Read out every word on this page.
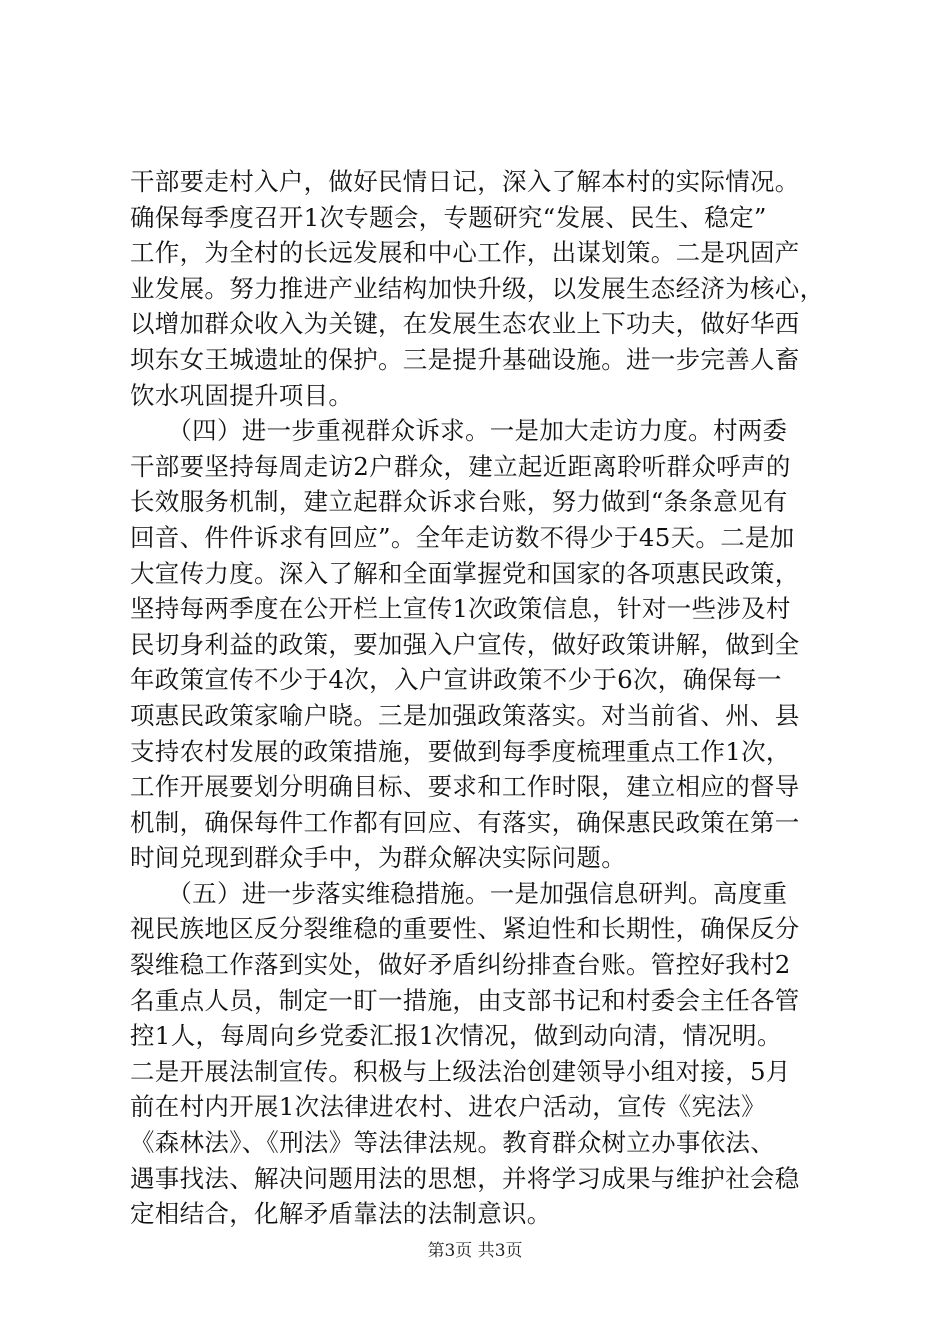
干部要走村入户，做好民情日记，深入了解本村的实际情况。
确保每季度召开1次专题会，专题研究“发展、民生、稳定”
工作，为全村的长远发展和中心工作，出谋划策。二是巩固产
业发展。努力推进产业结构加快升级，以发展生态经济为核心，
以增加群众收入为关键，在发展生态农业上下功夫，做好华西
坝东女王城遗址的保护。三是提升基础设施。进一步完善人畜
饮水巩固提升项目。
　　（四）进一步重视群众诉求。一是加大走访力度。村两委
干部要坚持每周走访2户群众，建立起近距离聆听群众呼声的
长效服务机制，建立起群众诉求台账，努力做到“条条意见有
回音、件件诉求有回应”。全年走访数不得少于45天。二是加
大宣传力度。深入了解和全面掌握党和国家的各项惠民政策，
坚持每两季度在公开栏上宣传1次政策信息，针对一些涉及村
民切身利益的政策，要加强入户宣传，做好政策讲解，做到全
年政策宣传不少于4次，入户宣讲政策不少于6次，确保每一
项惠民政策家喻户晓。三是加强政策落实。对当前省、州、县
支持农村发展的政策措施，要做到每季度梳理重点工作1次，
工作开展要划分明确目标、要求和工作时限，建立相应的督导
机制，确保每件工作都有回应、有落实，确保惠民政策在第一
时间兑现到群众手中，为群众解决实际问题。
　　（五）进一步落实维稳措施。一是加强信息研判。高度重
视民族地区反分裂维稳的重要性、紧迫性和长期性，确保反分
裂维稳工作落到实处，做好矛盾纠纷排查台账。管控好我村2
名重点人员，制定一盯一措施，由支部书记和村委会主任各管
控1人，每周向乡党委汇报1次情况，做到动向清，情况明。
二是开展法制宣传。积极与上级法治创建领导小组对接，5月
前在村内开展1次法律进农村、进农户活动，宣传《宪法》
《森林法》、《刑法》等法律法规。教育群众树立办事依法、
遇事找法、解决问题用法的思想，并将学习成果与维护社会稳
定相结合，化解矛盾靠法的法制意识。
第3页 共3页
